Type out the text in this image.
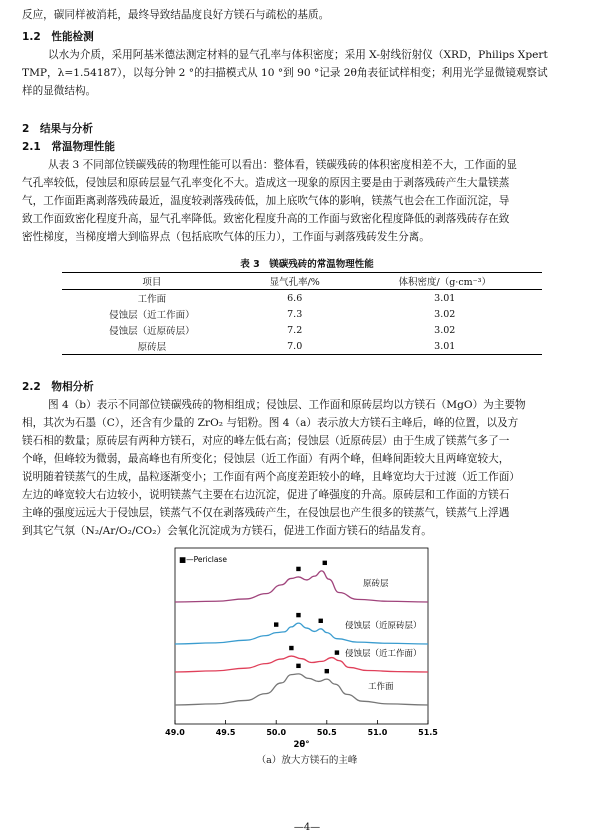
反应，碳同样被消耗，最终导致结晶度良好方镁石与疏松的基质。
1.2　性能检测
以水为介质，采用阿基米德法测定材料的显气孔率与体积密度；采用 X-射线衍射仪（XRD，Philips Xpert
TMP，λ=1.54187），以每分钟 2 °的扫描模式从 10 °到 90 °记录 2θ角表征试样相变；利用光学显微镜观察试
样的显微结构。
2　结果与分析
2.1　常温物理性能
从表 3 不同部位镁碳残砖的物理性能可以看出：整体看，镁碳残砖的体积密度相差不大，工作面的显
气孔率较低，侵蚀层和原砖层显气孔率变化不大。造成这一现象的原因主要是由于剥落残砖产生大量镁蒸
气，工作面距离剥落残砖最近，温度较剥落残砖低，加上底吹气体的影响，镁蒸气也会在工作面沉淀，导
致工作面致密化程度升高，显气孔率降低。致密化程度升高的工作面与致密化程度降低的剥落残砖存在致
密性梯度，当梯度增大到临界点（包括底吹气体的压力），工作面与剥落残砖发生分离。
表 3　镁碳残砖的常温物理性能
项目	显气孔率/%	体积密度/（g·cm⁻³）
工作面	6.6	3.01
侵蚀层（近工作面）	7.3	3.02
侵蚀层（近原砖层）	7.2	3.02
原砖层	7.0	3.01
2.2　物相分析
图 4（b）表示不同部位镁碳残砖的物相组成；侵蚀层、工作面和原砖层均以方镁石（MgO）为主要物
相，其次为石墨（C），还含有少量的 ZrO₂ 与铝粉。图 4（a）表示放大方镁石主峰后，峰的位置，以及方
镁石相的数量；原砖层有两种方镁石，对应的峰左低右高；侵蚀层（近原砖层）由于生成了镁蒸气多了一
个峰，但峰较为微弱，最高峰也有所变化；侵蚀层（近工作面）有两个峰，但峰间距较大且两峰宽较大，
说明随着镁蒸气的生成，晶粒逐渐变小；工作面有两个高度差距较小的峰，且峰宽均大于过渡（近工作面）
左边的峰宽较大右边较小，说明镁蒸气主要在右边沉淀，促进了峰强度的升高。原砖层和工作面的方镁石
主峰的强度远远大于侵蚀层，镁蒸气不仅在剥落残砖产生，在侵蚀层也产生很多的镁蒸气，镁蒸气上浮遇
到其它气氛（N₂/Ar/O₂/CO₂）会氧化沉淀成为方镁石，促进工作面方镁石的结晶发育。
49.0	49.5	50.0	50.5	51.0	51.5
2θ°
■—Periclase
原砖层
侵蚀层（近原砖层）
侵蚀层（近工作面）
工作面
（a）放大方镁石的主峰
—4—
